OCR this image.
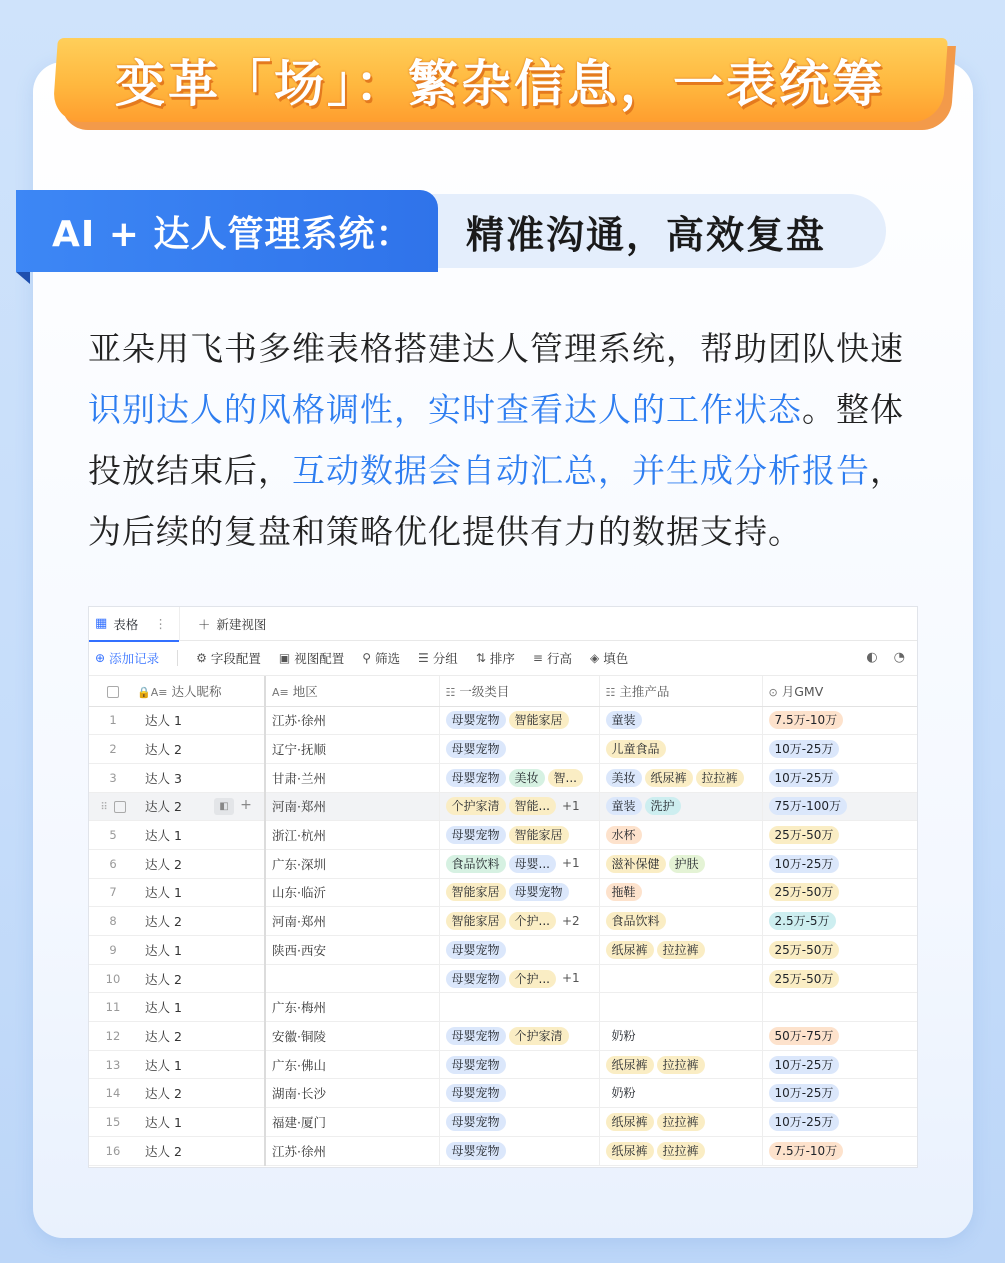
变革「场」：繁杂信息，一表统筹
精准沟通，高效复盘
AI + 达人管理系统：
亚朵用飞书多维表格搭建达人管理系统，帮助团队快速识别达人的风格调性，实时查看达人的工作状态。整体投放结束后，互动数据会自动汇总，并生成分析报告，为后续的复盘和策略优化提供有力的数据支持。
▦ 表格 ⋮ ＋ 新建视图
⊕ 添加记录	⚙ 字段配置 ▣ 视图配置 ⚲ 筛选 ☰ 分组 ⇅ 排序 ≡ 行高 ◈ 填色	◐ ◔
	🔒A≡ 达人昵称	A≡ 地区	☷ 一级类目	☷ 主推产品	⊙ 月GMV
1	达人 1	江苏·徐州	母婴宠物 智能家居	童装	7.5万-10万
2	达人 2	辽宁·抚顺	母婴宠物	儿童食品	10万-25万
3	达人 3	甘肃·兰州	母婴宠物 美妆 智...	美妆 纸尿裤 拉拉裤	10万-25万
⠿	达人 2 ◧ +	河南·郑州	个护家清 智能... +1	童装 洗护	75万-100万
5	达人 1	浙江·杭州	母婴宠物 智能家居	水杯	25万-50万
6	达人 2	广东·深圳	食品饮料 母婴... +1	滋补保健 护肤	10万-25万
7	达人 1	山东·临沂	智能家居 母婴宠物	拖鞋	25万-50万
8	达人 2	河南·郑州	智能家居 个护... +2	食品饮料	2.5万-5万
9	达人 1	陕西·西安	母婴宠物	纸尿裤 拉拉裤	25万-50万
10	达人 2		母婴宠物 个护... +1		25万-50万
11	达人 1	广东·梅州			
12	达人 2	安徽·铜陵	母婴宠物 个护家清	奶粉	50万-75万
13	达人 1	广东·佛山	母婴宠物	纸尿裤 拉拉裤	10万-25万
14	达人 2	湖南·长沙	母婴宠物	奶粉	10万-25万
15	达人 1	福建·厦门	母婴宠物	纸尿裤 拉拉裤	10万-25万
16	达人 2	江苏·徐州	母婴宠物	纸尿裤 拉拉裤	7.5万-10万
